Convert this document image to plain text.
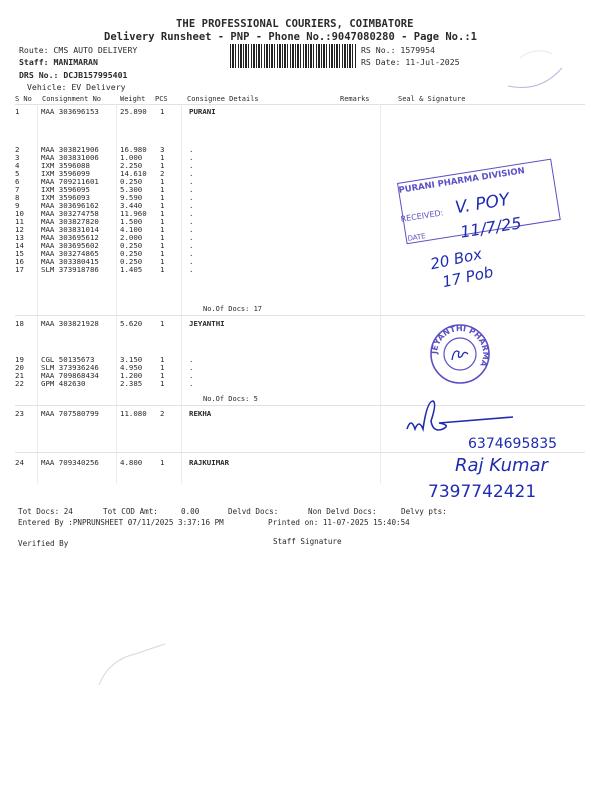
THE PROFESSIONAL COURIERS, COIMBATORE
Delivery Runsheet - PNP - Phone No.:9047080280 - Page No.:1
Route: CMS AUTO DELIVERY
Staff: MANIMARAN
DRS No.: DCJB157995401
Vehicle: EV Delivery
RS No.: 1579954
RS Date: 11-Jul-2025
S No Consignment No	Weight PCS	Consignee Details	Remarks	Seal & Signature
1	MAA 303696153	25.890 1	PURANI
2	MAA 303821906	16.980 3	.
3	MAA 303831006	1.000 1	.
4	IXM 3596088	2.250 1	.
5	IXM 3596099	14.610 2	.
6	MAA 709211601	0.250 1	.
7	IXM 3596095	5.300 1	.
8	IXM 3596093	9.590 1	.
9	MAA 303696162	3.440 1	.
10 MAA 303274758	11.960 1	.
11 MAA 303827820	1.500 1	.
12 MAA 303831014	4.100 1	.
13 MAA 303695612	2.000 1	.
14 MAA 303695602	0.250 1	.
15 MAA 303274865	0.250 1	.
16 MAA 303380415	0.250 1	.
17 SLM 373918786	1.405 1	.
18 MAA 303821928	5.620 1	JEYANTHI
19 CGL 50135673	3.150 1	.
20 SLM 373936246	4.950 1	.
21 MAA 709868434	1.200 1	.
22 GPM 482630	2.385 1	.
23 MAA 707580799	11.080 2	REKHA
24 MAA 709340256	4.800 1	RAJKUIMAR
No.Of Docs: 17
No.Of Docs: 5
PURANI PHARMA DIVISION
RECEIVED: V. POY
DATE 11/7/25
20 Box
17 Pob
JEYANTHI PHARMA
6374695835
Raj Kumar
7397742421
Tot Docs: 24	Tot COD Amt:	0.00	Delvd Docs:	Non Delvd Docs:	Delvy pts:
Entered By :PNPRUNSHEET 07/11/2025 3:37:16 PM	Printed on: 11-07-2025 15:40:54
Verified By	Staff Signature
